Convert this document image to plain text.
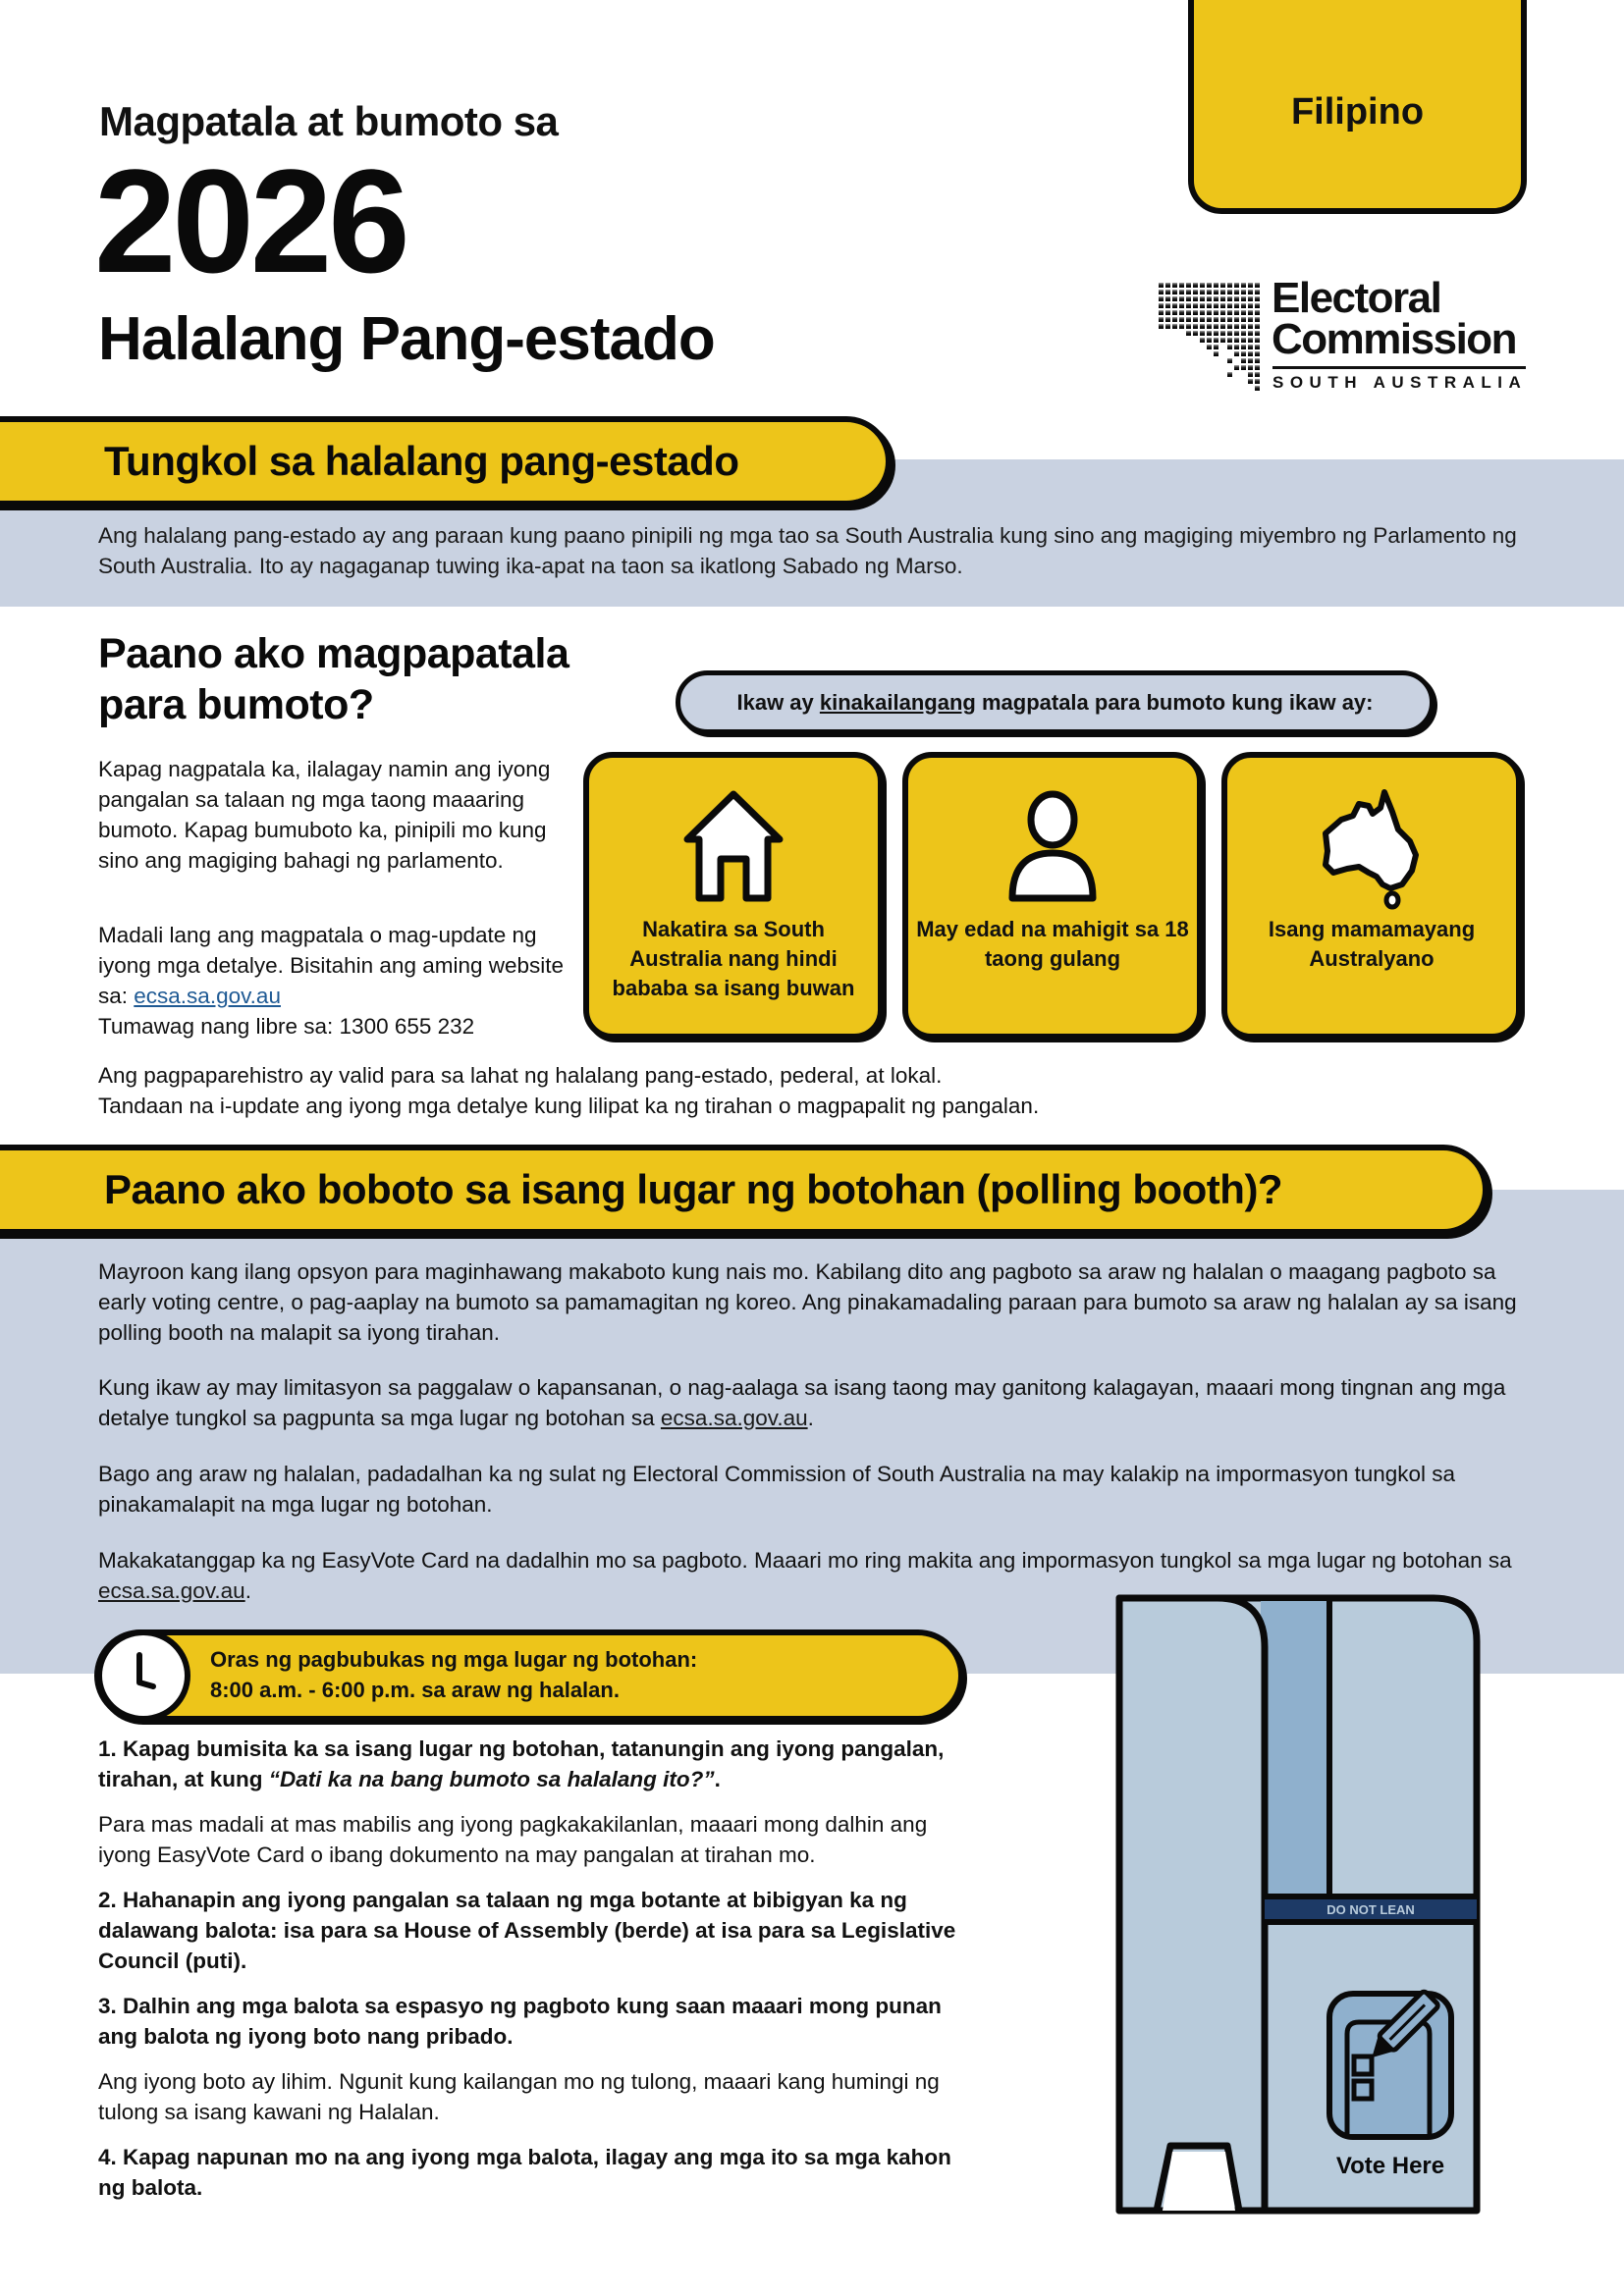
Magpatala at bumoto sa
2026
Halalang Pang-estado
Filipino
Electoral
Commission
SOUTH AUSTRALIA
Tungkol sa halalang pang-estado
Ang halalang pang-estado ay ang paraan kung paano pinipili ng mga tao sa South Australia kung sino ang magiging miyembro ng Parlamento ng South Australia. Ito ay nagaganap tuwing ika-apat na taon sa ikatlong Sabado ng Marso.
Paano ako magpapatala para bumoto?
Kapag nagpatala ka, ilalagay namin ang iyong pangalan sa talaan ng mga taong maaaring bumoto. Kapag bumuboto ka, pinipili mo kung sino ang magiging bahagi ng parlamento.
Madali lang ang magpatala o mag-update ng iyong mga detalye. Bisitahin ang aming website sa: ecsa.sa.gov.au
Tumawag nang libre sa: 1300 655 232
Ikaw ay kinakailangang magpatala para bumoto kung ikaw ay:
Nakatira sa South Australia nang hindi bababa sa isang buwan
May edad na mahigit sa 18 taong gulang
Isang mamamayang Australyano
Ang pagpaparehistro ay valid para sa lahat ng halalang pang-estado, pederal, at lokal.
Tandaan na i-update ang iyong mga detalye kung lilipat ka ng tirahan o magpapalit ng pangalan.
Paano ako boboto sa isang lugar ng botohan (polling booth)?
Mayroon kang ilang opsyon para maginhawang makaboto kung nais mo. Kabilang dito ang pagboto sa araw ng halalan o maagang pagboto sa early voting centre, o pag-aaplay na bumoto sa pamamagitan ng koreo. Ang pinakamadaling paraan para bumoto sa araw ng halalan ay sa isang polling booth na malapit sa iyong tirahan.
Kung ikaw ay may limitasyon sa paggalaw o kapansanan, o nag-aalaga sa isang taong may ganitong kalagayan, maaari mong tingnan ang mga detalye tungkol sa pagpunta sa mga lugar ng botohan sa ecsa.sa.gov.au.
Bago ang araw ng halalan, padadalhan ka ng sulat ng Electoral Commission of South Australia na may kalakip na impormasyon tungkol sa pinakamalapit na mga lugar ng botohan.
Makakatanggap ka ng EasyVote Card na dadalhin mo sa pagboto. Maaari mo ring makita ang impormasyon tungkol sa mga lugar ng botohan sa ecsa.sa.gov.au.
Oras ng pagbubukas ng mga lugar ng botohan:
8:00 a.m. - 6:00 p.m. sa araw ng halalan.
1. Kapag bumisita ka sa isang lugar ng botohan, tatanungin ang iyong pangalan, tirahan, at kung “Dati ka na bang bumoto sa halalang ito?”.
Para mas madali at mas mabilis ang iyong pagkakakilanlan, maaari mong dalhin ang iyong EasyVote Card o ibang dokumento na may pangalan at tirahan mo.
2. Hahanapin ang iyong pangalan sa talaan ng mga botante at bibigyan ka ng dalawang balota: isa para sa House of Assembly (berde) at isa para sa Legislative Council (puti).
3. Dalhin ang mga balota sa espasyo ng pagboto kung saan maaari mong punan ang balota ng iyong boto nang pribado.
Ang iyong boto ay lihim. Ngunit kung kailangan mo ng tulong, maaari kang humingi ng tulong sa isang kawani ng Halalan.
4. Kapag napunan mo na ang iyong mga balota, ilagay ang mga ito sa mga kahon ng balota.
DO NOT LEAN
Vote Here
